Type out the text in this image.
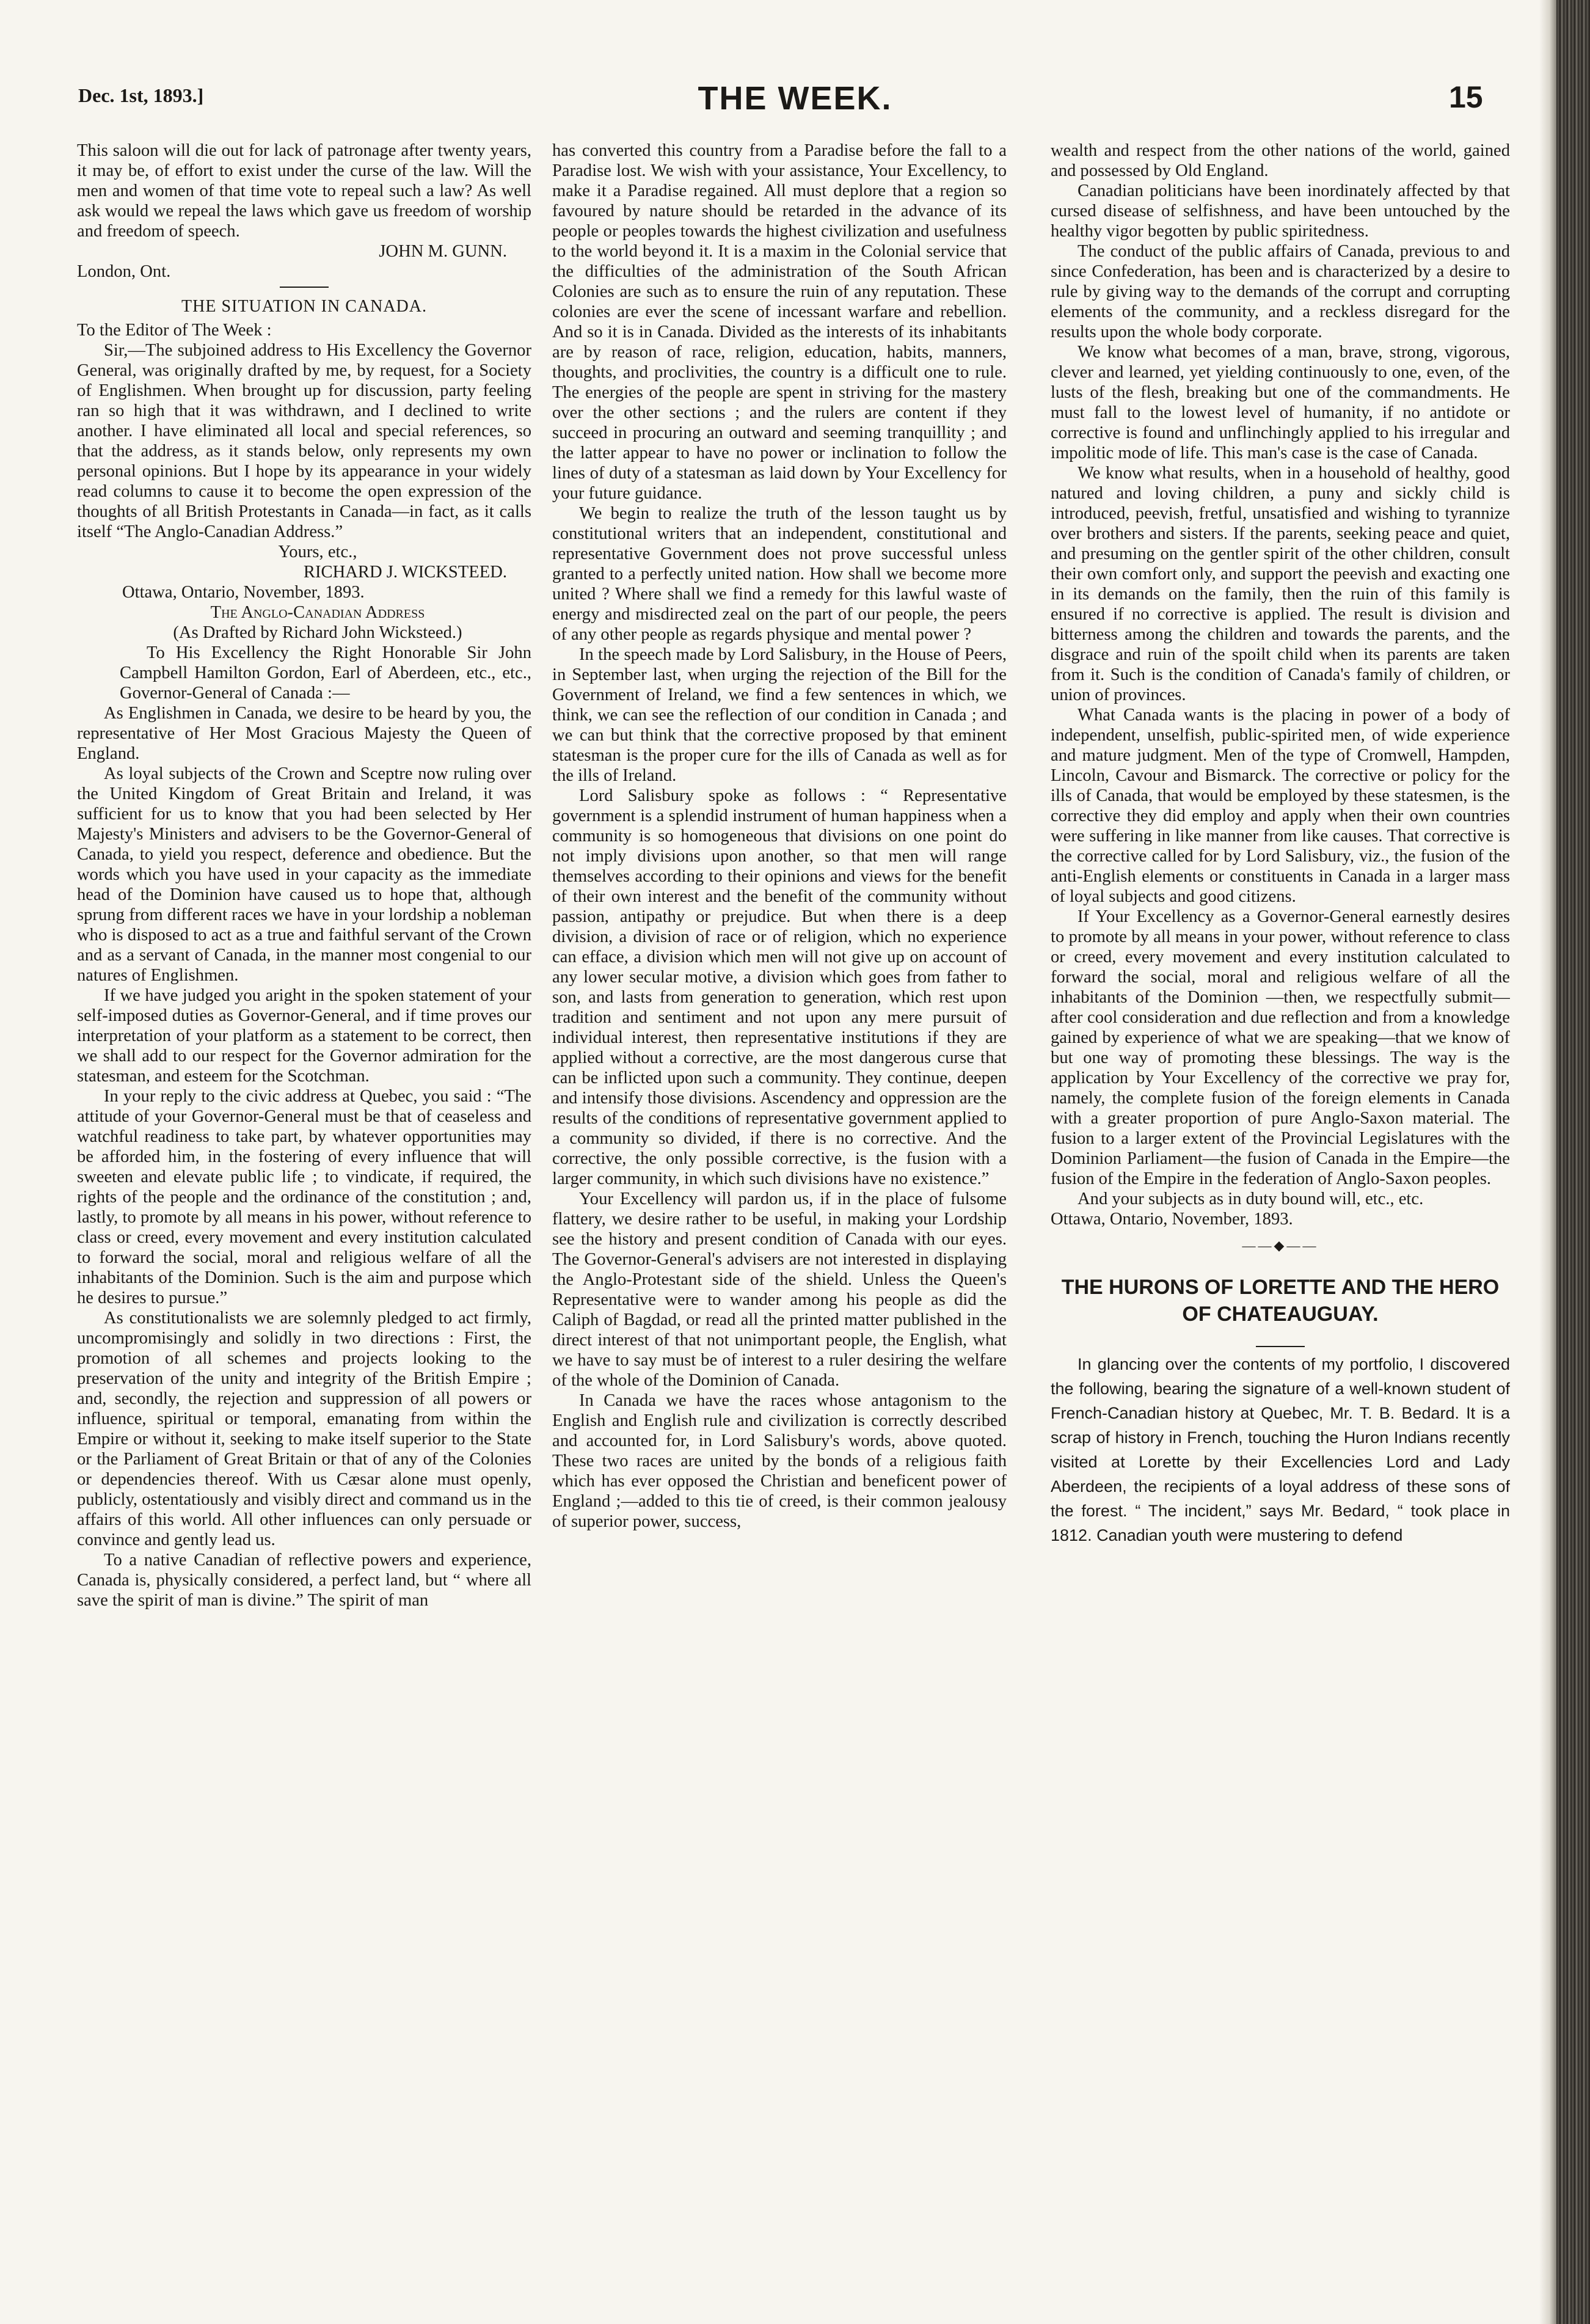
Dec. 1st, 1893.]	THE WEEK.	15

This saloon will die out for lack of patronage after twenty years, it may be, of effort to exist under the curse of the law. Will the men and women of that time vote to repeal such a law? As well ask would we repeal the laws which gave us freedom of worship and freedom of speech.

JOHN M. GUNN.

London, Ont.

THE SITUATION IN CANADA.

To the Editor of The Week :

Sir,—The subjoined address to His Excellency the Governor General, was originally drafted by me, by request, for a Society of Englishmen. When brought up for discussion, party feeling ran so high that it was withdrawn, and I declined to write another. I have eliminated all local and special references, so that the address, as it stands below, only represents my own personal opinions. But I hope by its appearance in your widely read columns to cause it to become the open expression of the thoughts of all British Protestants in Canada—in fact, as it calls itself “The Anglo-Canadian Address.”

Yours, etc.,

RICHARD J. WICKSTEED.

Ottawa, Ontario, November, 1893.

The Anglo-Canadian Address

(As Drafted by Richard John Wicksteed.)

To His Excellency the Right Honorable Sir John Campbell Hamilton Gordon, Earl of Aberdeen, etc., etc., Governor-General of Canada :—

As Englishmen in Canada, we desire to be heard by you, the representative of Her Most Gracious Majesty the Queen of England.

As loyal subjects of the Crown and Sceptre now ruling over the United Kingdom of Great Britain and Ireland, it was sufficient for us to know that you had been selected by Her Majesty's Ministers and advisers to be the Governor-General of Canada, to yield you respect, deference and obedience. But the words which you have used in your capacity as the immediate head of the Dominion have caused us to hope that, although sprung from different races we have in your lordship a nobleman who is disposed to act as a true and faithful servant of the Crown and as a servant of Canada, in the manner most congenial to our natures of Englishmen.

If we have judged you aright in the spoken statement of your self-imposed duties as Governor-General, and if time proves our interpretation of your platform as a statement to be correct, then we shall add to our respect for the Governor admiration for the statesman, and esteem for the Scotchman.

In your reply to the civic address at Quebec, you said : “The attitude of your Governor-General must be that of ceaseless and watchful readiness to take part, by whatever opportunities may be afforded him, in the fostering of every influence that will sweeten and elevate public life ; to vindicate, if required, the rights of the people and the ordinance of the constitution ; and, lastly, to promote by all means in his power, without reference to class or creed, every movement and every institution calculated to forward the social, moral and religious welfare of all the inhabitants of the Dominion. Such is the aim and purpose which he desires to pursue.”

As constitutionalists we are solemnly pledged to act firmly, uncompromisingly and solidly in two directions : First, the promotion of all schemes and projects looking to the preservation of the unity and integrity of the British Empire ; and, secondly, the rejection and suppression of all powers or influence, spiritual or temporal, emanating from within the Empire or without it, seeking to make itself superior to the State or the Parliament of Great Britain or that of any of the Colonies or dependencies thereof. With us Cæsar alone must openly, publicly, ostentatiously and visibly direct and command us in the affairs of this world. All other influences can only persuade or convince and gently lead us.

To a native Canadian of reflective powers and experience, Canada is, physically considered, a perfect land, but “ where all save the spirit of man is divine.” The spirit of man

has converted this country from a Paradise before the fall to a Paradise lost. We wish with your assistance, Your Excellency, to make it a Paradise regained. All must deplore that a region so favoured by nature should be retarded in the advance of its people or peoples towards the highest civilization and usefulness to the world beyond it. It is a maxim in the Colonial service that the difficulties of the administration of the South African Colonies are such as to ensure the ruin of any reputation. These colonies are ever the scene of incessant warfare and rebellion. And so it is in Canada. Divided as the interests of its inhabitants are by reason of race, religion, education, habits, manners, thoughts, and proclivities, the country is a difficult one to rule. The energies of the people are spent in striving for the mastery over the other sections ; and the rulers are content if they succeed in procuring an outward and seeming tranquillity ; and the latter appear to have no power or inclination to follow the lines of duty of a statesman as laid down by Your Excellency for your future guidance.

We begin to realize the truth of the lesson taught us by constitutional writers that an independent, constitutional and representative Government does not prove successful unless granted to a perfectly united nation. How shall we become more united ? Where shall we find a remedy for this lawful waste of energy and misdirected zeal on the part of our people, the peers of any other people as regards physique and mental power ?

In the speech made by Lord Salisbury, in the House of Peers, in September last, when urging the rejection of the Bill for the Government of Ireland, we find a few sentences in which, we think, we can see the reflection of our condition in Canada ; and we can but think that the corrective proposed by that eminent statesman is the proper cure for the ills of Canada as well as for the ills of Ireland.

Lord Salisbury spoke as follows : “ Representative government is a splendid instrument of human happiness when a community is so homogeneous that divisions on one point do not imply divisions upon another, so that men will range themselves according to their opinions and views for the benefit of their own interest and the benefit of the community without passion, antipathy or prejudice. But when there is a deep division, a division of race or of religion, which no experience can efface, a division which men will not give up on account of any lower secular motive, a division which goes from father to son, and lasts from generation to generation, which rest upon tradition and sentiment and not upon any mere pursuit of individual interest, then representative institutions if they are applied without a corrective, are the most dangerous curse that can be inflicted upon such a community. They continue, deepen and intensify those divisions. Ascendency and oppression are the results of the conditions of representative government applied to a community so divided, if there is no corrective. And the corrective, the only possible corrective, is the fusion with a larger community, in which such divisions have no existence.”

Your Excellency will pardon us, if in the place of fulsome flattery, we desire rather to be useful, in making your Lordship see the history and present condition of Canada with our eyes. The Governor-General's advisers are not interested in displaying the Anglo-Protestant side of the shield. Unless the Queen's Representative were to wander among his people as did the Caliph of Bagdad, or read all the printed matter published in the direct interest of that not unimportant people, the English, what we have to say must be of interest to a ruler desiring the welfare of the whole of the Dominion of Canada.

In Canada we have the races whose antagonism to the English and English rule and civilization is correctly described and accounted for, in Lord Salisbury's words, above quoted. These two races are united by the bonds of a religious faith which has ever opposed the Christian and beneficent power of England ;—added to this tie of creed, is their common jealousy of superior power, success,

wealth and respect from the other nations of the world, gained and possessed by Old England.

Canadian politicians have been inordinately affected by that cursed disease of selfishness, and have been untouched by the healthy vigor begotten by public spiritedness.

The conduct of the public affairs of Canada, previous to and since Confederation, has been and is characterized by a desire to rule by giving way to the demands of the corrupt and corrupting elements of the community, and a reckless disregard for the results upon the whole body corporate.

We know what becomes of a man, brave, strong, vigorous, clever and learned, yet yielding continuously to one, even, of the lusts of the flesh, breaking but one of the commandments. He must fall to the lowest level of humanity, if no antidote or corrective is found and unflinchingly applied to his irregular and impolitic mode of life. This man's case is the case of Canada.

We know what results, when in a household of healthy, good natured and loving children, a puny and sickly child is introduced, peevish, fretful, unsatisfied and wishing to tyrannize over brothers and sisters. If the parents, seeking peace and quiet, and presuming on the gentler spirit of the other children, consult their own comfort only, and support the peevish and exacting one in its demands on the family, then the ruin of this family is ensured if no corrective is applied. The result is division and bitterness among the children and towards the parents, and the disgrace and ruin of the spoilt child when its parents are taken from it. Such is the condition of Canada's family of children, or union of provinces.

What Canada wants is the placing in power of a body of independent, unselfish, public-spirited men, of wide experience and mature judgment. Men of the type of Cromwell, Hampden, Lincoln, Cavour and Bismarck. The corrective or policy for the ills of Canada, that would be employed by these statesmen, is the corrective they did employ and apply when their own countries were suffering in like manner from like causes. That corrective is the corrective called for by Lord Salisbury, viz., the fusion of the anti-English elements or constituents in Canada in a larger mass of loyal subjects and good citizens.

If Your Excellency as a Governor-General earnestly desires to promote by all means in your power, without reference to class or creed, every movement and every institution calculated to forward the social, moral and religious welfare of all the inhabitants of the Dominion —then, we respectfully submit—after cool consideration and due reflection and from a knowledge gained by experience of what we are speaking—that we know of but one way of promoting these blessings. The way is the application by Your Excellency of the corrective we pray for, namely, the complete fusion of the foreign elements in Canada with a greater proportion of pure Anglo-Saxon material. The fusion to a larger extent of the Provincial Legislatures with the Dominion Parliament—the fusion of Canada in the Empire—the fusion of the Empire in the federation of Anglo-Saxon peoples.

And your subjects as in duty bound will, etc., etc.

Ottawa, Ontario, November, 1893.

——◆——
THE HURONS OF LORETTE AND THE HERO OF CHATEAUGUAY.

In glancing over the contents of my portfolio, I discovered the following, bearing the signature of a well-known student of French-Canadian history at Quebec, Mr. T. B. Bedard. It is a scrap of history in French, touching the Huron Indians recently visited at Lorette by their Excellencies Lord and Lady Aberdeen, the recipients of a loyal address of these sons of the forest. “ The incident,” says Mr. Bedard, “ took place in 1812. Canadian youth were mustering to defend
